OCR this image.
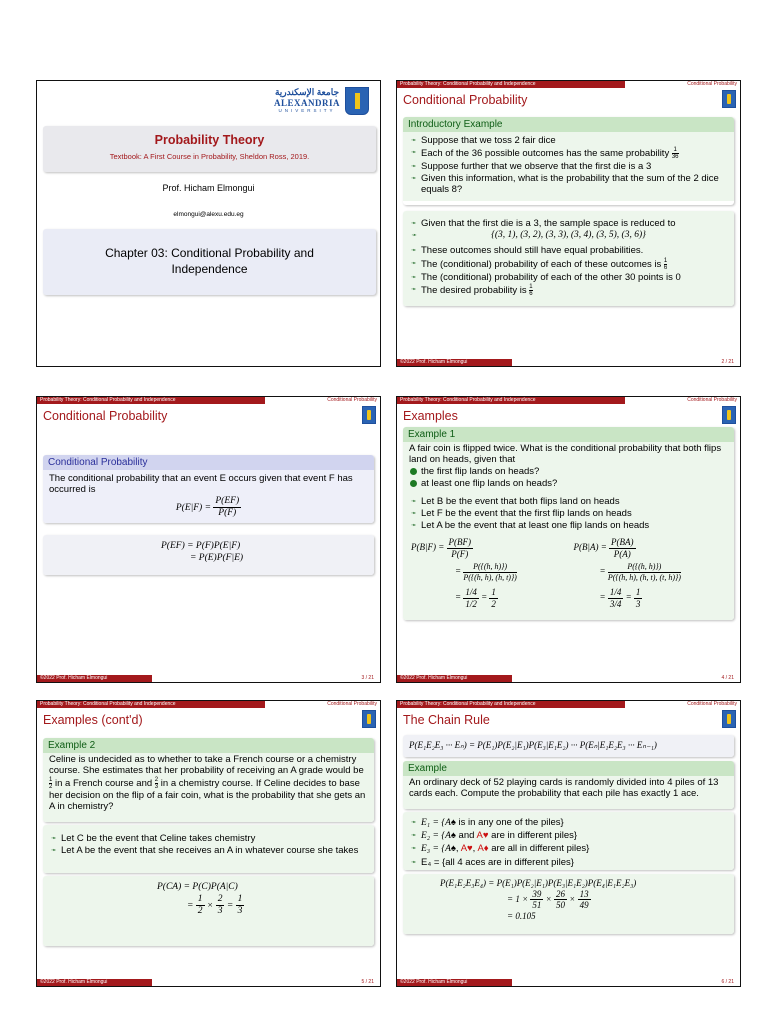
جامعة الإسكندرية
ALEXANDRIA
UNIVERSITY
Probability Theory
Textbook: A First Course in Probability, Sheldon Ross, 2019.
Prof. Hicham Elmongui
elmongui@alexu.edu.eg
Chapter 03: Conditional Probability and Independence
Probability Theory: Conditional Probability and Independence	Conditional Probability
Conditional Probability
Introductory Example
➛ Suppose that we toss 2 fair dice
➛ Each of the 36 possible outcomes has the same probability $\frac{1}{36}$
➛ Suppose further that we observe that the first die is a 3
➛ Given this information, what is the probability that the sum of the 2 dice equals 8?
➛ Given that the first die is a 3, the sample space is reduced to
➛ {(3, 1), (3, 2), (3, 3), (3, 4), (3, 5), (3, 6)}
➛ These outcomes should still have equal probabilities.
➛ The (conditional) probability of each of these outcomes is $\frac{1}{6}$
➛ The (conditional) probability of each of the other 30 points is 0
➛ The desired probability is $\frac{1}{6}$
©2022 Prof. Hicham Elmongui	2 / 21
Probability Theory: Conditional Probability and Independence	Conditional Probability
Conditional Probability
Conditional Probability
The conditional probability that an event E occurs given that event F has occurred is
$P(E|F) = \frac{P(EF)}{P(F)}$
P(EF) = P(F)P(E|F)
= P(E)P(F|E)
©2022 Prof. Hicham Elmongui	3 / 21
Probability Theory: Conditional Probability and Independence	Conditional Probability
Examples
Example 1
A fair coin is flipped twice. What is the conditional probability that both flips land on heads, given that
the first flip lands on heads?
at least one flip lands on heads?
➛ Let B be the event that both flips land on heads
➛ Let F be the event that the first flip lands on heads
➛ Let A be the event that at least one flip lands on heads
$P(B|F) = \frac{P(BF)}{P(F)}$
= $\frac{P(\{(h, h)\})}{P(\{(h, h), (h, t)\})}$
= $\frac{1/4}{1/2} = \frac{1}{2}$
$P(B|A) = \frac{P(BA)}{P(A)}$
= $\frac{P(\{(h, h)\})}{P(\{(h, h), (h, t), (t, h)\})}$
= $\frac{1/4}{3/4} = \frac{1}{3}$
©2022 Prof. Hicham Elmongui	4 / 21
Probability Theory: Conditional Probability and Independence	Conditional Probability
Examples (cont'd)
Example 2
Celine is undecided as to whether to take a French course or a chemistry course. She estimates that her probability of receiving an A grade would be
$\frac{1}{2}$ in a French course and $\frac{2}{3}$ in a chemistry course. If Celine decides to base her decision on the flip of a fair coin, what is the probability that she gets an A in chemistry?
➛ Let C be the event that Celine takes chemistry
➛ Let A be the event that she receives an A in whatever course she takes
P(CA) = P(C)P(A|C)
= $\frac{1}{2} \times \frac{2}{3} = \frac{1}{3}$
©2022 Prof. Hicham Elmongui	5 / 21
Probability Theory: Conditional Probability and Independence	Conditional Probability
The Chain Rule
P(E₁E₂E₃ ··· Eₙ) = P(E₁)P(E₂|E₁)P(E₃|E₁E₂) ··· P(Eₙ|E₁E₂E₃ ··· Eₙ₋₁)
Example
An ordinary deck of 52 playing cards is randomly divided into 4 piles of 13 cards each. Compute the probability that each pile has exactly 1 ace.
➛ E₁ = {A♠ is in any one of the piles}
➛ E₂ = {A♠ and A♥ are in different piles}
➛ E₃ = {A♠, A♥, A♦ are all in different piles}
➛ E₄ = {all 4 aces are in different piles}
P(E₁E₂E₃E₄) = P(E₁)P(E₂|E₁)P(E₃|E₁E₂)P(E₄|E₁E₂E₃)
= $1 \times \frac{39}{51} \times \frac{26}{50} \times \frac{13}{49}$
= 0.105
©2022 Prof. Hicham Elmongui	6 / 21
